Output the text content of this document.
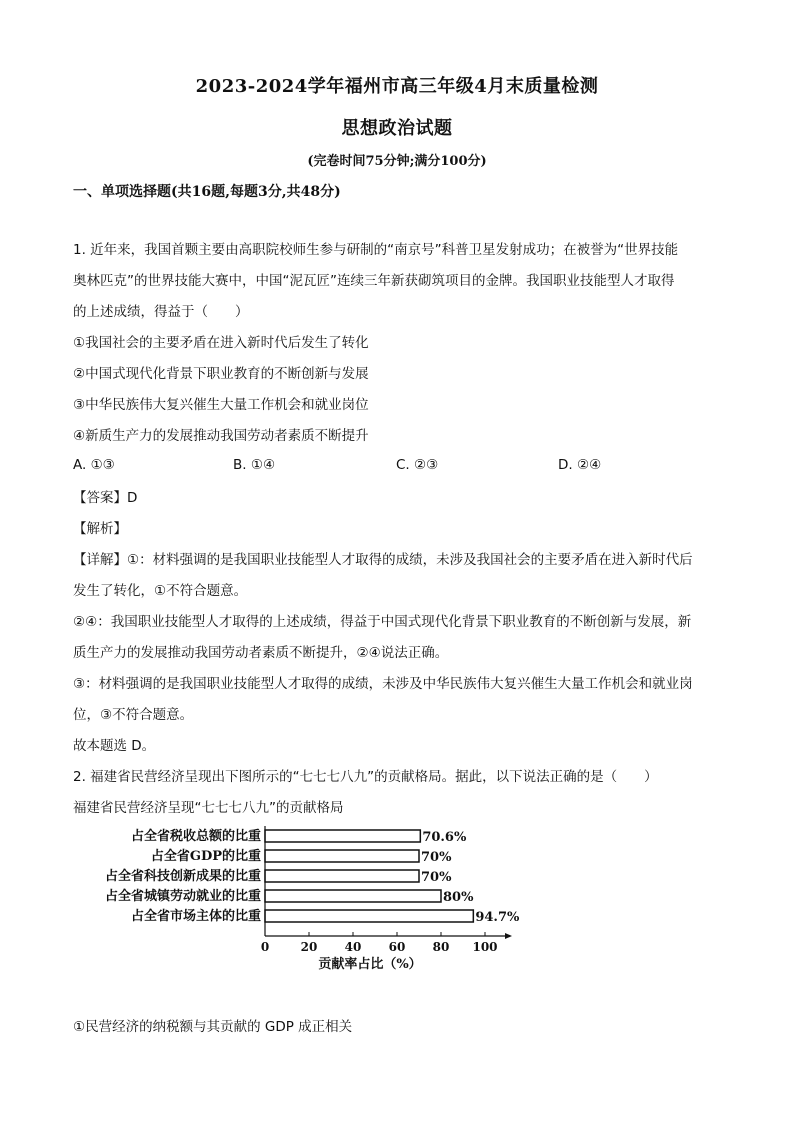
2023-2024学年福州市高三年级4月末质量检测
思想政治试题
(完卷时间75分钟;满分100分)
一、单项选择题(共16题,每题3分,共48分)
1. 近年来，我国首颗主要由高职院校师生参与研制的“南京号”科普卫星发射成功；在被誉为“世界技能
奥林匹克”的世界技能大赛中，中国“泥瓦匠”连续三年新获砌筑项目的金牌。我国职业技能型人才取得
的上述成绩，得益于（　　）
①我国社会的主要矛盾在进入新时代后发生了转化
②中国式现代化背景下职业教育的不断创新与发展
③中华民族伟大复兴催生大量工作机会和就业岗位
④新质生产力的发展推动我国劳动者素质不断提升
A. ①③	B. ①④	C. ②③	D. ②④
【答案】D
【解析】
【详解】①：材料强调的是我国职业技能型人才取得的成绩，未涉及我国社会的主要矛盾在进入新时代后
发生了转化，①不符合题意。
②④：我国职业技能型人才取得的上述成绩，得益于中国式现代化背景下职业教育的不断创新与发展，新
质生产力的发展推动我国劳动者素质不断提升，②④说法正确。
③：材料强调的是我国职业技能型人才取得的成绩，未涉及中华民族伟大复兴催生大量工作机会和就业岗
位，③不符合题意。
故本题选 D。
2. 福建省民营经济呈现出下图所示的“七七七八九”的贡献格局。据此，以下说法正确的是（　　）
福建省民营经济呈现“七七七八九”的贡献格局
占全省税收总额的比重	70.6%
占全省GDP的比重	70%
占全省科技创新成果的比重	70%
占全省城镇劳动就业的比重	80%
占全省市场主体的比重	94.7%
0	20 40 60 80 100
贡献率占比（%）
①民营经济的纳税额与其贡献的 GDP 成正相关
